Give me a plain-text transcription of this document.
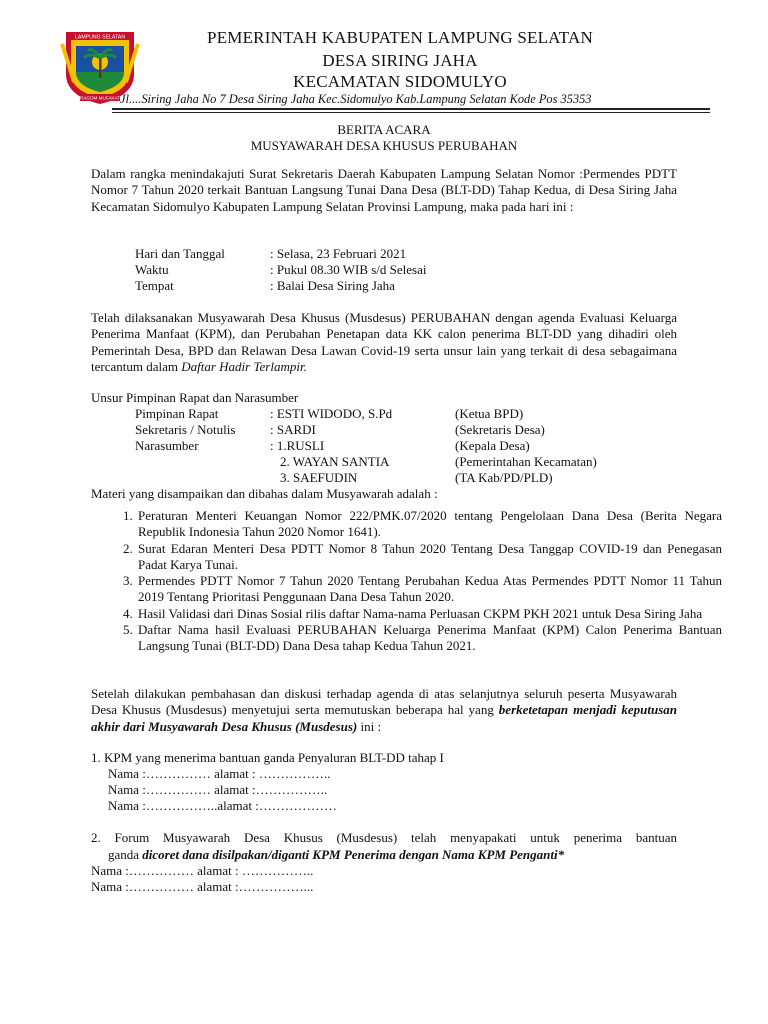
LAMPUNG SELATAN
RAGOM MUFAKAT
PEMERINTAH KABUPATEN LAMPUNG SELATAN
DESA SIRING JAHA
KECAMATAN SIDOMULYO
Jl....Siring Jaha No 7 Desa Siring Jaha Kec.Sidomulyo Kab.Lampung Selatan Kode Pos 35353
BERITA ACARA
MUSYAWARAH DESA KHUSUS PERUBAHAN
Dalam rangka menindakajuti Surat Sekretaris Daerah Kabupaten Lampung Selatan Nomor :Permendes PDTT Nomor 7 Tahun 2020 terkait Bantuan Langsung Tunai Dana Desa (BLT-DD) Tahap Kedua, di Desa Siring Jaha Kecamatan Sidomulyo Kabupaten Lampung Selatan Provinsi Lampung, maka pada hari ini :
Hari dan Tanggal	: Selasa, 23 Februari 2021
Waktu	: Pukul 08.30 WIB s/d Selesai
Tempat	: Balai Desa Siring Jaha
Telah dilaksanakan Musyawarah Desa Khusus (Musdesus) PERUBAHAN dengan agenda Evaluasi Keluarga Penerima Manfaat (KPM), dan Perubahan Penetapan data KK calon penerima BLT-DD yang dihadiri oleh Pemerintah Desa, BPD dan Relawan Desa Lawan Covid-19 serta unsur lain yang terkait di desa sebagaimana tercantum dalam Daftar Hadir Terlampir.
Unsur Pimpinan Rapat dan Narasumber
Pimpinan Rapat	: ESTI WIDODO, S.Pd	(Ketua BPD)
Sekretaris / Notulis	: SARDI	(Sekretaris Desa)
Narasumber	: 1.RUSLI	(Kepala Desa)
2. WAYAN SANTIA	(Pemerintahan Kecamatan)
3. SAEFUDIN	(TA Kab/PD/PLD)
Materi yang disampaikan dan dibahas dalam Musyawarah adalah :
1. Peraturan Menteri Keuangan Nomor 222/PMK.07/2020 tentang Pengelolaan Dana Desa (Berita Negara Republik Indonesia Tahun 2020 Nomor 1641).
2. Surat Edaran Menteri Desa PDTT Nomor 8 Tahun 2020 Tentang Desa Tanggap COVID-19 dan Penegasan Padat Karya Tunai.
3. Permendes PDTT Nomor 7 Tahun 2020 Tentang Perubahan Kedua Atas Permendes PDTT Nomor 11 Tahun 2019 Tentang Prioritasi Penggunaan Dana Desa Tahun 2020.
4. Hasil Validasi dari Dinas Sosial rilis daftar Nama-nama Perluasan CKPM PKH 2021 untuk Desa Siring Jaha
5. Daftar Nama hasil Evaluasi PERUBAHAN Keluarga Penerima Manfaat (KPM) Calon Penerima Bantuan Langsung Tunai (BLT-DD) Dana Desa tahap Kedua Tahun 2021.
Setelah dilakukan pembahasan dan diskusi terhadap agenda di atas selanjutnya seluruh peserta Musyawarah Desa Khusus (Musdesus) menyetujui serta memutuskan beberapa hal yang berketetapan menjadi keputusan akhir dari Musyawarah Desa Khusus (Musdesus) ini :
1. KPM yang menerima bantuan ganda Penyaluran BLT-DD tahap I
Nama :…………… alamat : ……………..
Nama :…………… alamat :……………..
Nama :……………..alamat :………………
2. Forum Musyawarah Desa Khusus (Musdesus) telah menyapakati untuk penerima bantuan
ganda dicoret dana disilpakan/diganti KPM Penerima dengan Nama KPM Penganti*
Nama :…………… alamat : ……………..
Nama :…………… alamat :……………...
